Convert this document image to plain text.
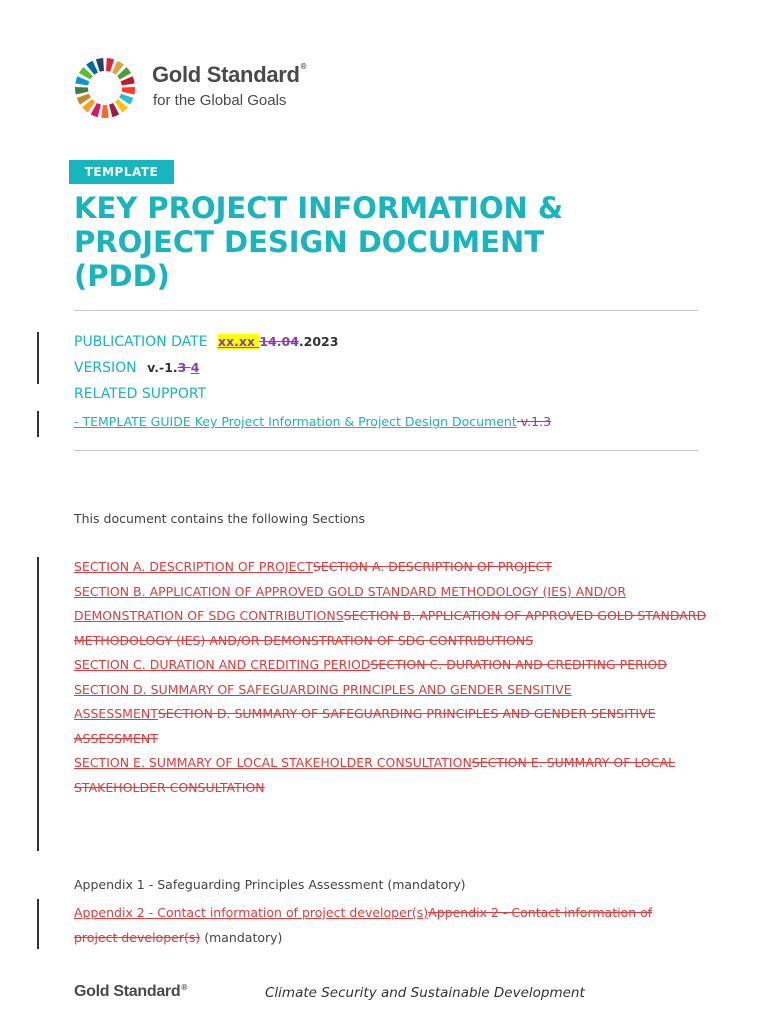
Gold Standard®
for the Global Goals
TEMPLATE
KEY PROJECT INFORMATION &
PROJECT DESIGN DOCUMENT
(PDD)
PUBLICATION DATE xx.xx 14.04.2023
VERSION v.-1.3 4
RELATED SUPPORT
- TEMPLATE GUIDE Key Project Information & Project Design Document v.1.3
This document contains the following Sections

SECTION A. DESCRIPTION OF PROJECTSECTION A. DESCRIPTION OF PROJECT

SECTION B. APPLICATION OF APPROVED GOLD STANDARD METHODOLOGY (IES) AND/OR DEMONSTRATION OF SDG CONTRIBUTIONSSECTION B. APPLICATION OF APPROVED GOLD STANDARD METHODOLOGY (IES) AND/OR DEMONSTRATION OF SDG CONTRIBUTIONS

SECTION C. DURATION AND CREDITING PERIODSECTION C. DURATION AND CREDITING PERIOD

SECTION D. SUMMARY OF SAFEGUARDING PRINCIPLES AND GENDER SENSITIVE ASSESSMENTSECTION D. SUMMARY OF SAFEGUARDING PRINCIPLES AND GENDER SENSITIVE ASSESSMENT

SECTION E. SUMMARY OF LOCAL STAKEHOLDER CONSULTATIONSECTION E. SUMMARY OF LOCAL STAKEHOLDER CONSULTATION

Appendix 1 - Safeguarding Principles Assessment (mandatory)
Appendix 2 - Contact information of project developer(s)Appendix 2 - Contact information of project developer(s) (mandatory)
Gold Standard®	Climate Security and Sustainable Development
